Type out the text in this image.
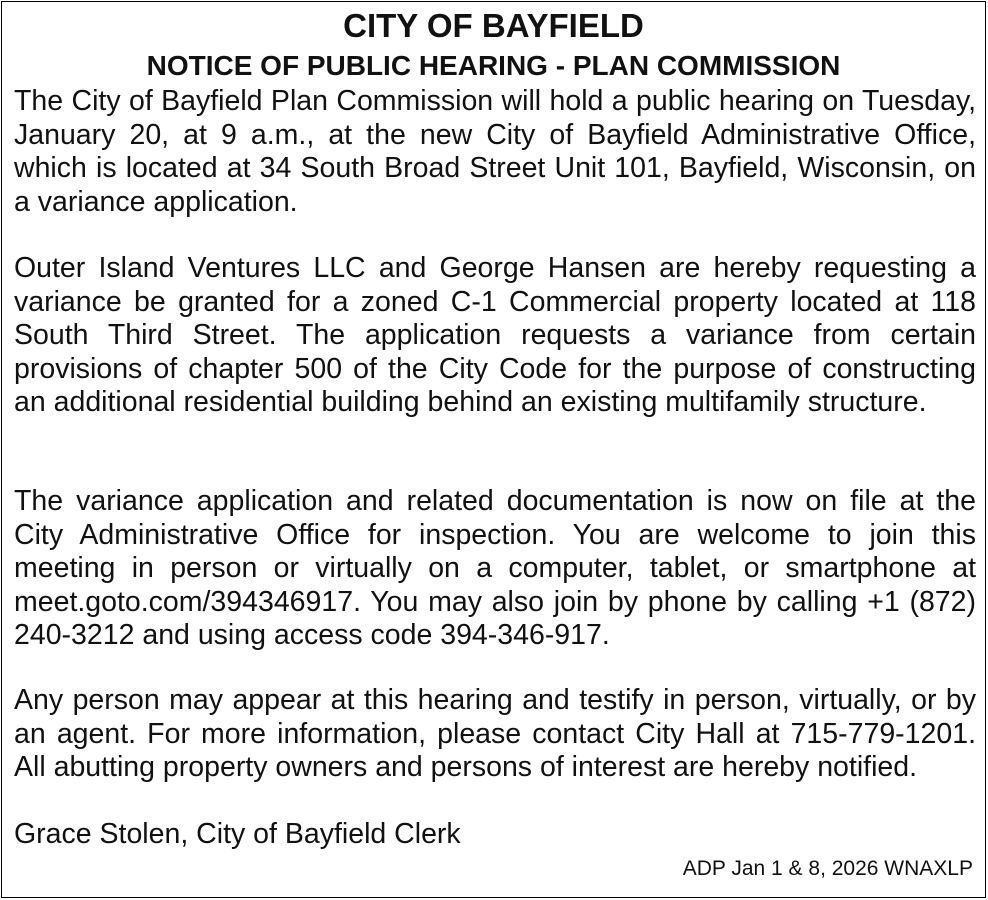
CITY OF BAYFIELD
NOTICE OF PUBLIC HEARING - PLAN COMMISSION
The City of Bayfield Plan Commission will hold a public hearing on Tuesday, January 20, at 9 a.m., at the new City of Bayfield Administrative Office, which is located at 34 South Broad Street Unit 101, Bayfield, Wisconsin, on a variance application.
Outer Island Ventures LLC and George Hansen are hereby requesting a variance be granted for a zoned C-1 Commercial property located at 118 South Third Street. The application requests a variance from certain provisions of chapter 500 of the City Code for the purpose of constructing an additional residential building behind an existing multifamily structure.
The variance application and related documentation is now on file at the City Administrative Office for inspection. You are welcome to join this meeting in person or virtually on a computer, tablet, or smartphone at meet.goto.com/394346917. You may also join by phone by calling +1 (872) 240-3212 and using access code 394-346-917.
Any person may appear at this hearing and testify in person, virtually, or by an agent. For more information, please contact City Hall at 715-779-1201. All abutting property owners and persons of interest are hereby notified.
Grace Stolen, City of Bayfield Clerk
ADP Jan 1 & 8, 2026 WNAXLP
